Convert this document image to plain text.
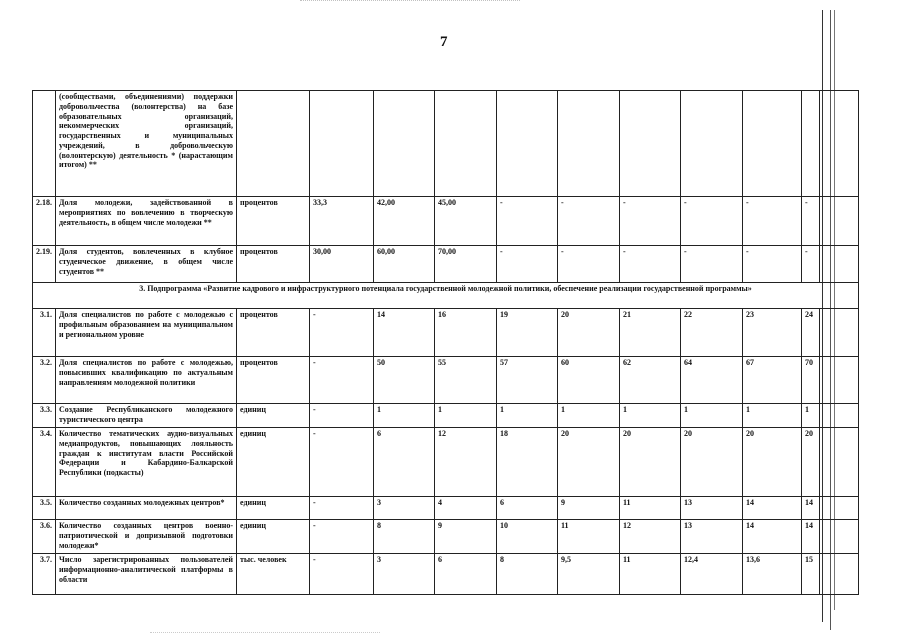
7
	(сообществами, объединениями) поддержки добровольчества (волонтерства) на базе образовательных организаций, некоммерческих организаций, государственных и муниципальных учреждений, в добровольческую (волонтерскую) деятельность * (нарастающим итогом) **											
2.18.	Доля молодежи, задействованной в мероприятиях по вовлечению в творческую деятельность, в общем числе молодежи **	процентов	33,3	42,00	45,00	-	-	-	-	-	-	
2.19.	Доля студентов, вовлеченных в клубное студенческое движение, в общем числе студентов **	процентов	30,00	60,00	70,00	-	-	-	-	-	-	
3. Подпрограмма «Развитие кадрового и инфраструктурного потенциала государственной молодежной политики, обеспечение реализации государственной программы»												
3.1.	Доля специалистов по работе с молодежью с профильным образованием на муниципальном и региональном уровне	процентов	-	14	16	19	20	21	22	23	24	
3.2.	Доля специалистов по работе с молодежью, повысивших квалификацию по актуальным направлениям молодежной политики	процентов	-	50	55	57	60	62	64	67	70	
3.3.	Создание Республиканского молодежного туристического центра	единиц	-	1	1	1	1	1	1	1	1	
3.4.	Количество тематических аудио-визуальных медиапродуктов, повышающих лояльность граждан к институтам власти Российской Федерации и Кабардино-Балкарской Республики (подкасты)	единиц	-	6	12	18	20	20	20	20	20	
3.5.	Количество созданных молодежных центров*	единиц	-	3	4	6	9	11	13	14	14	
3.6.	Количество созданных центров военно-патриотической и допризывной подготовки молодежи*	единиц	-	8	9	10	11	12	13	14	14	
3.7.	Число зарегистрированных пользователей информационно-аналитической платформы в области	тыс. человек	-	3	6	8	9,5	11	12,4	13,6	15	
